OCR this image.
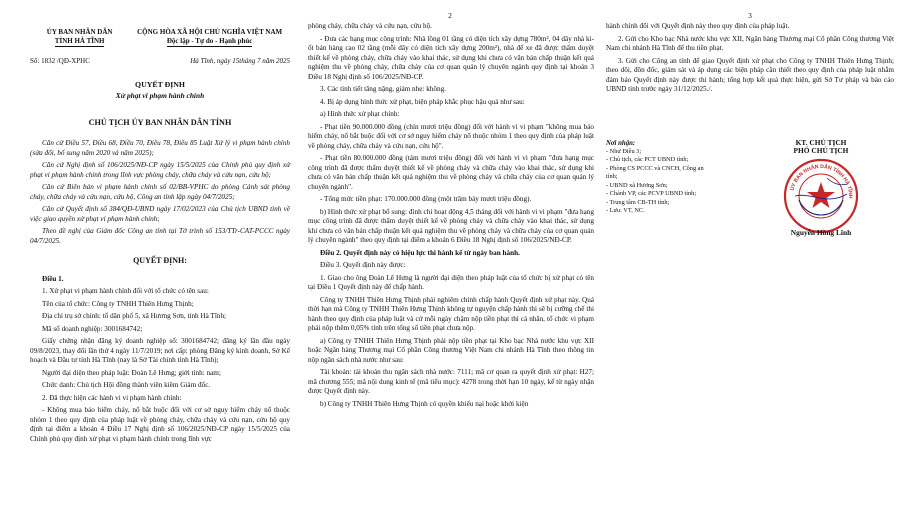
ỦY BAN NHÂN DÂN
TỈNH HÀ TĨNH
CỘNG HÒA XÃ HỘI CHỦ NGHĨA VIỆT NAM
Độc lập - Tự do - Hạnh phúc
Số: 1832 /QĐ-XPHC	Hà Tĩnh, ngày 15tháng 7 năm 2025
QUYẾT ĐỊNH
Xử phạt vi phạm hành chính
CHỦ TỊCH ỦY BAN NHÂN DÂN TỈNH

Căn cứ Điều 57, Điều 68, Điều 70, Điều 78, Điều 85 Luật Xử lý vi phạm hành chính (sửa đổi, bổ sung năm 2020 và năm 2025);

Căn cứ Nghị định số 106/2025/NĐ-CP ngày 15/5/2025 của Chính phủ quy định xử phạt vi phạm hành chính trong lĩnh vực phòng cháy, chữa cháy và cứu nạn, cứu hộ;

Căn cứ Biên bản vi phạm hành chính số 02/BB-VPHC do phòng Cảnh sát phòng cháy, chữa cháy và cứu nạn, cứu hộ, Công an tỉnh lập ngày 04/7/2025;

Căn cứ Quyết định số 384/QĐ-UBND ngày 17/02/2023 của Chủ tịch UBND tỉnh về việc giao quyền xử phạt vi phạm hành chính;

Theo đề nghị của Giám đốc Công an tỉnh tại Tờ trình số 153/TTr-CAT-PCCC ngày 04/7/2025.

QUYẾT ĐỊNH:

Điều 1.

1. Xử phạt vi phạm hành chính đối với tổ chức có tên sau:

Tên của tổ chức: Công ty TNHH Thiên Hưng Thịnh;

Địa chỉ trụ sở chính: tổ dân phố 5, xã Hương Sơn, tỉnh Hà Tĩnh;

Mã số doanh nghiệp: 3001684742;

Giấy chứng nhận đăng ký doanh nghiệp số: 3001684742; đăng ký lần đầu ngày 09/8/2023, thay đổi lần thứ 4 ngày 11/7/2019; nơi cấp: phòng Đăng ký kinh doanh, Sở Kế hoạch và Đầu tư tỉnh Hà Tĩnh (nay là Sở Tài chính tỉnh Hà Tĩnh);

Người đại diện theo pháp luật: Đoàn Lê Hưng; giới tính: nam;

Chức danh: Chủ tịch Hội đồng thành viên kiêm Giám đốc.

2. Đã thực hiện các hành vi vi phạm hành chính:

- Không mua bảo hiểm cháy, nổ bắt buộc đối với cơ sở nguy hiểm cháy nổ thuộc nhóm 1 theo quy định của pháp luật về phòng cháy, chữa cháy và cứu nạn, cứu hộ quy định tại điểm a khoản 4 Điều 17 Nghị định số 106/2025/NĐ-CP ngày 15/5/2025 của Chính phủ quy định xử phạt vi phạm hành chính trong lĩnh vực

2

phòng cháy, chữa cháy và cứu nạn, cứu hộ.

- Đưa các hạng mục công trình: Nhà lồng 01 tầng có diện tích xây dựng 780m², 04 dãy nhà ki-ốt bán hàng cao 02 tầng (mỗi dãy có diện tích xây dựng 200m²), nhà để xe đã được thẩm duyệt thiết kế về phòng cháy, chữa cháy vào khai thác, sử dụng khi chưa có văn bản chấp thuận kết quả nghiệm thu về phòng cháy, chữa cháy của cơ quan quản lý chuyên ngành quy định tại khoản 3 Điều 18 Nghị định số 106/2025/NĐ-CP.

3. Các tình tiết tăng nặng, giảm nhẹ: không.

4. Bị áp dụng hình thức xử phạt, biện pháp khắc phục hậu quả như sau:

a) Hình thức xử phạt chính:

- Phạt tiền 90.000.000 đồng (chín mươi triệu đồng) đối với hành vi vi phạm "không mua bảo hiểm cháy, nổ bắt buộc đối với cơ sở nguy hiểm cháy nổ thuộc nhóm 1 theo quy định của pháp luật về phòng cháy, chữa cháy và cứu nạn, cứu hộ".

- Phạt tiền 80.000.000 đồng (tám mươi triệu đồng) đối với hành vi vi phạm "đưa hạng mục công trình đã được thẩm duyệt thiết kế về phòng cháy và chữa cháy vào khai thác, sử dụng khi chưa có văn bản chấp thuận kết quả nghiệm thu về phòng cháy và chữa cháy của cơ quan quản lý chuyên ngành".

- Tổng mức tiền phạt: 170.000.000 đồng (một trăm bảy mươi triệu đồng).

b) Hình thức xử phạt bổ sung: đình chỉ hoạt động 4,5 tháng đối với hành vi vi phạm "đưa hạng mục công trình đã được thẩm duyệt thiết kế về phòng cháy và chữa cháy vào khai thác, sử dụng khi chưa có văn bản chấp thuận kết quả nghiệm thu về phòng cháy và chữa cháy của cơ quan quản lý chuyên ngành" theo quy định tại điểm a khoản 6 Điều 18 Nghị định số 106/2025/NĐ-CP.

Điều 2. Quyết định này có hiệu lực thi hành kể từ ngày ban hành.

Điều 3. Quyết định này được:

1. Giao cho ông Đoàn Lê Hưng là người đại diện theo pháp luật của tổ chức bị xử phạt có tên tại Điều 1 Quyết định này để chấp hành.

Công ty TNHH Thiên Hưng Thịnh phải nghiêm chỉnh chấp hành Quyết định xử phạt này. Quá thời hạn mà Công ty TNHH Thiên Hưng Thịnh không tự nguyện chấp hành thì sẽ bị cưỡng chế thi hành theo quy định của pháp luật và cứ mỗi ngày chậm nộp tiền phạt thì cá nhân, tổ chức vi phạm phải nộp thêm 0,05% tính trên tổng số tiền phạt chưa nộp.

a) Công ty TNHH Thiên Hưng Thịnh phải nộp tiền phạt tại Kho bạc Nhà nước khu vực XII hoặc Ngân hàng Thương mại Cổ phần Công thương Việt Nam chi nhánh Hà Tĩnh theo thông tin nộp ngân sách nhà nước như sau:

Tài khoản: tài khoản thu ngân sách nhà nước: 7111; mã cơ quan ra quyết định xử phạt: H27; mã chương 555; mã nội dung kinh tế (mã tiểu mục): 4278 trong thời hạn 10 ngày, kể từ ngày nhận được Quyết định này.

b) Công ty TNHH Thiên Hưng Thịnh có quyền khiếu nại hoặc khởi kiện

3

hành chính đối với Quyết định này theo quy định của pháp luật.

2. Gửi cho Kho bạc Nhà nước khu vực XII, Ngân hàng Thương mại Cổ phần Công thương Việt Nam chi nhánh Hà Tĩnh để thu tiền phạt.

3. Gửi cho Công an tỉnh để giao Quyết định xử phạt cho Công ty TNHH Thiên Hưng Thịnh; theo dõi, đôn đốc, giám sát và áp dụng các biện pháp cần thiết theo quy định của pháp luật nhằm đảm bảo Quyết định này được thi hành; tổng hợp kết quả thực hiện, gửi Sở Tư pháp và báo cáo UBND tỉnh trước ngày 31/12/2025./.

Nơi nhận:
- Như Điều 3;
- Chủ tịch, các PCT UBND tỉnh;
- Phòng CS PCCC và CNCH, Công an tỉnh;
- UBND xã Hương Sơn;
- Chánh VP, các PCVP UBND tỉnh;
- Trung tâm CB-TH tỉnh;
- Lưu: VT, NC.
KT. CHỦ TỊCH
PHÓ CHỦ TỊCH
ỦY BAN NHÂN DÂN TỈNH HÀ TĨNH
Nguyễn Hồng Lĩnh
